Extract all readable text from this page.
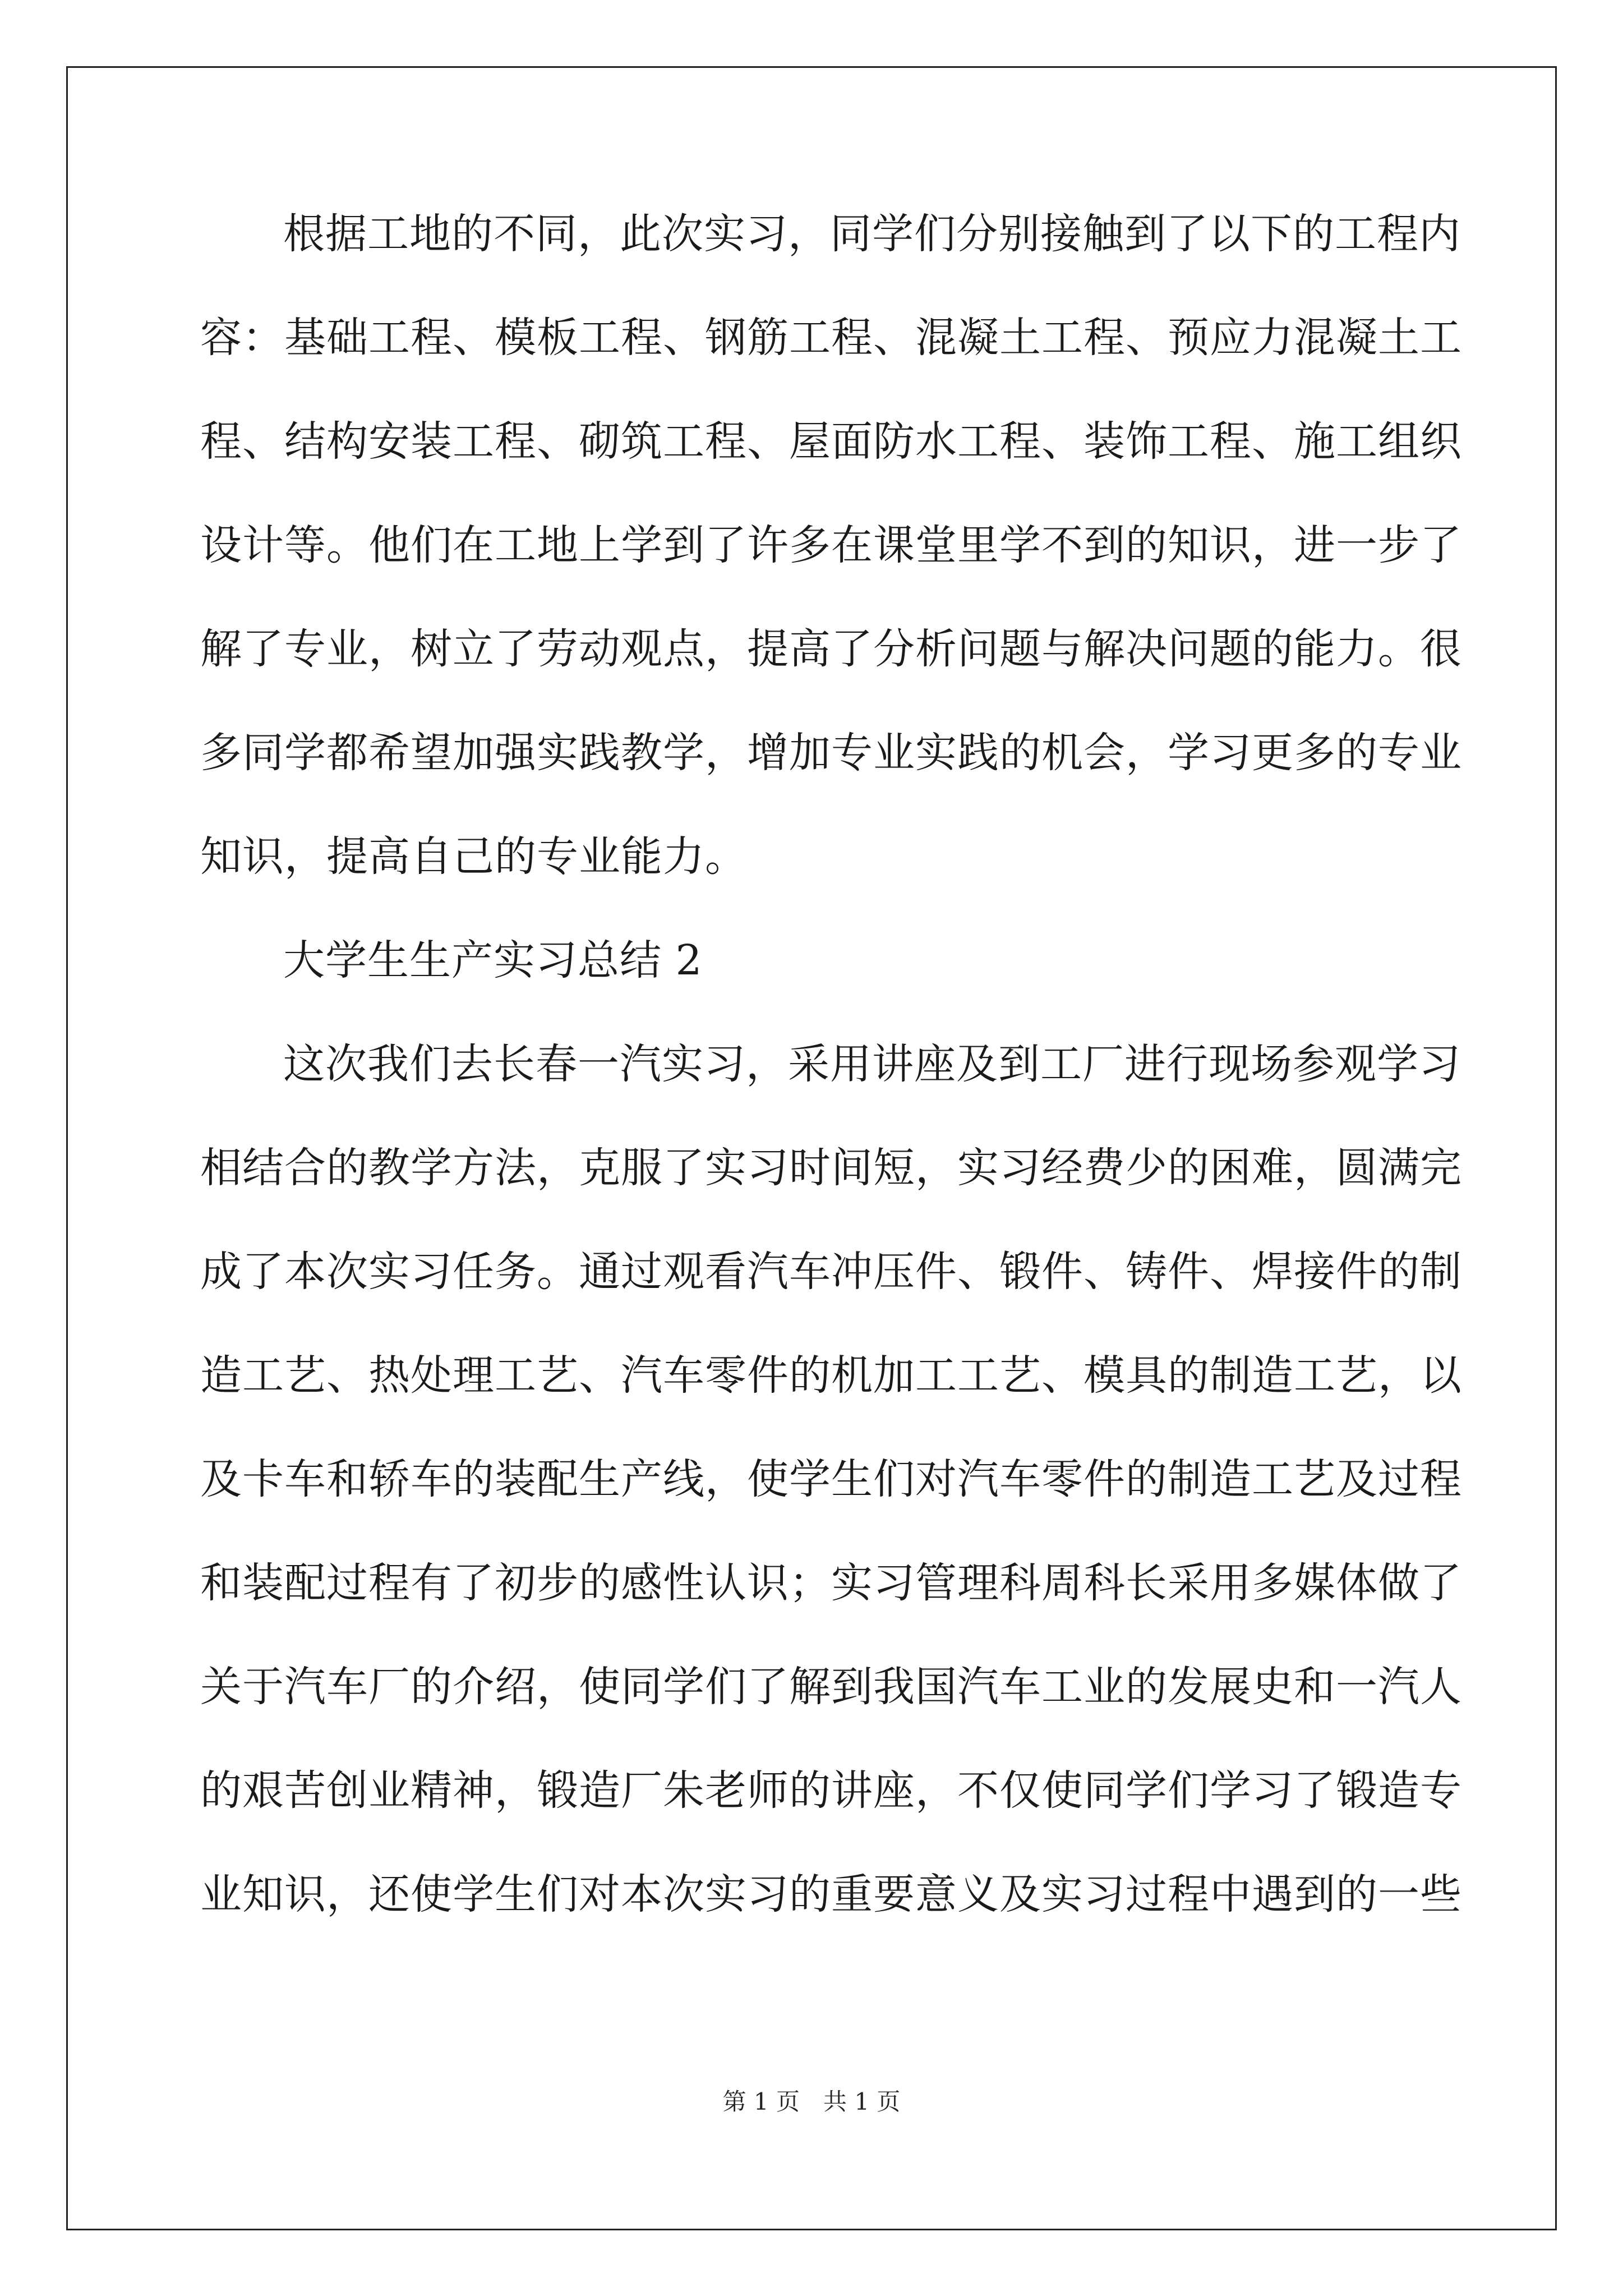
根据工地的不同，此次实习，同学们分别接触到了以下的工程内
容：基础工程、模板工程、钢筋工程、混凝土工程、预应力混凝土工
程、结构安装工程、砌筑工程、屋面防水工程、装饰工程、施工组织
设计等。他们在工地上学到了许多在课堂里学不到的知识，进一步了
解了专业，树立了劳动观点，提高了分析问题与解决问题的能力。很
多同学都希望加强实践教学，增加专业实践的机会，学习更多的专业
知识，提高自己的专业能力。
大学生生产实习总结 2
这次我们去长春一汽实习，采用讲座及到工厂进行现场参观学习
相结合的教学方法，克服了实习时间短，实习经费少的困难，圆满完
成了本次实习任务。通过观看汽车冲压件、锻件、铸件、焊接件的制
造工艺、热处理工艺、汽车零件的机加工工艺、模具的制造工艺，以
及卡车和轿车的装配生产线，使学生们对汽车零件的制造工艺及过程
和装配过程有了初步的感性认识；实习管理科周科长采用多媒体做了
关于汽车厂的介绍，使同学们了解到我国汽车工业的发展史和一汽人
的艰苦创业精神，锻造厂朱老师的讲座，不仅使同学们学习了锻造专
业知识，还使学生们对本次实习的重要意义及实习过程中遇到的一些
第 1 页 共 1 页
